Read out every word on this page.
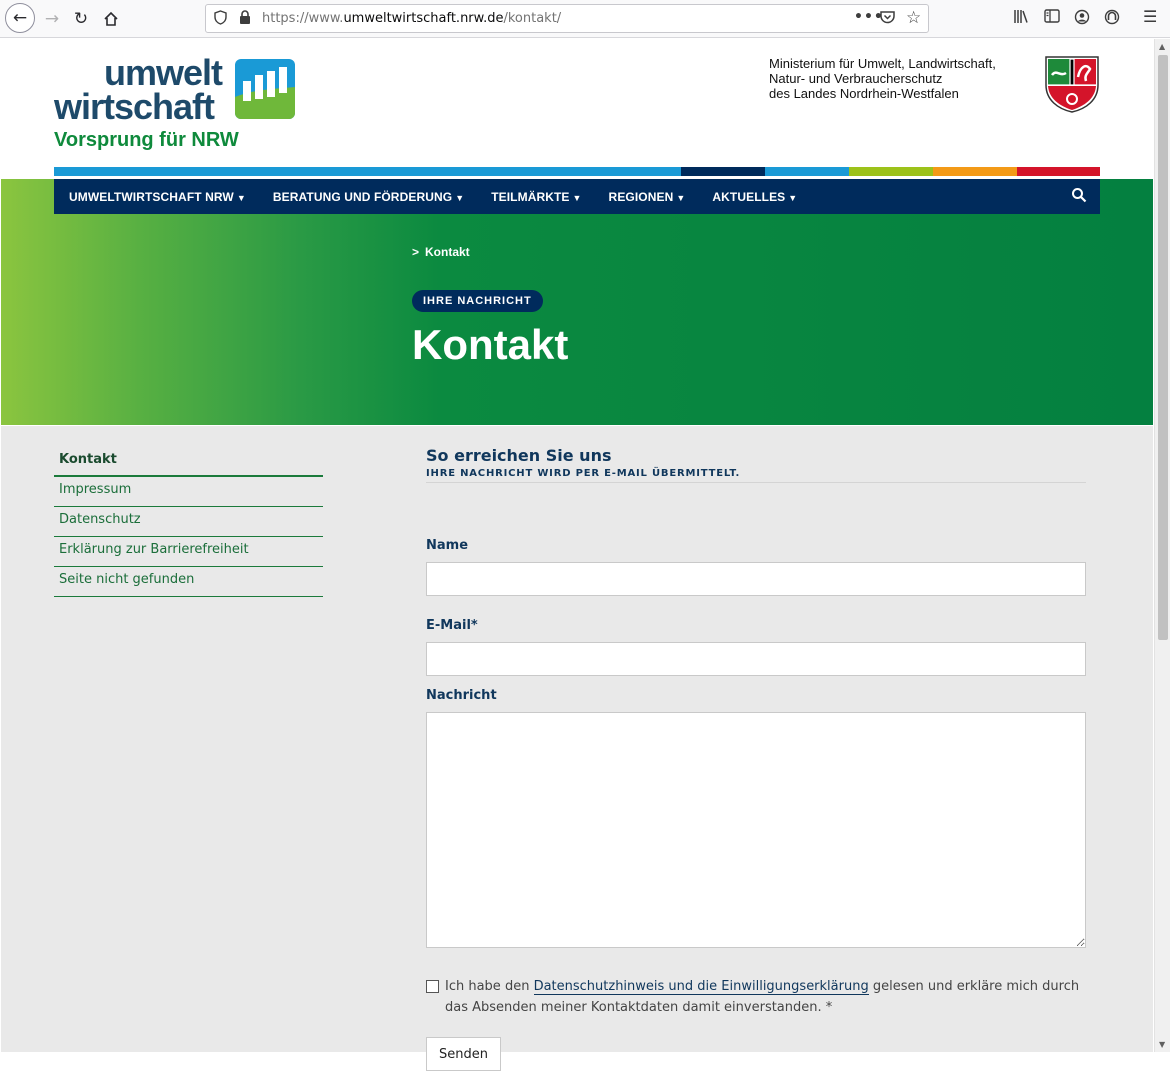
← → ↻	https://www.umweltwirtschaft.nrw.de/kontakt/	••• ☆	☰
umwelt
wirtschaft
Vorsprung für NRW
Ministerium für Umwelt, Landwirtschaft,
Natur- und Verbraucherschutz
des Landes Nordrhein-Westfalen
UMWELTWIRTSCHAFT NRW ▼ BERATUNG UND FÖRDERUNG ▼ TEILMÄRKTE ▼ REGIONEN ▼ AKTUELLES ▼
> Kontakt
IHRE NACHRICHT
Kontakt
Kontakt
Impressum
Datenschutz
Erklärung zur Barrierefreiheit
Seite nicht gefunden
So erreichen Sie uns
IHRE NACHRICHT WIRD PER E-MAIL ÜBERMITTELT.
Name
E-Mail*
Nachricht
Ich habe den Datenschutzhinweis und die Einwilligungserklärung gelesen und erkläre mich durch das Absenden meiner Kontaktdaten damit einverstanden. *
Senden
▲
▼
